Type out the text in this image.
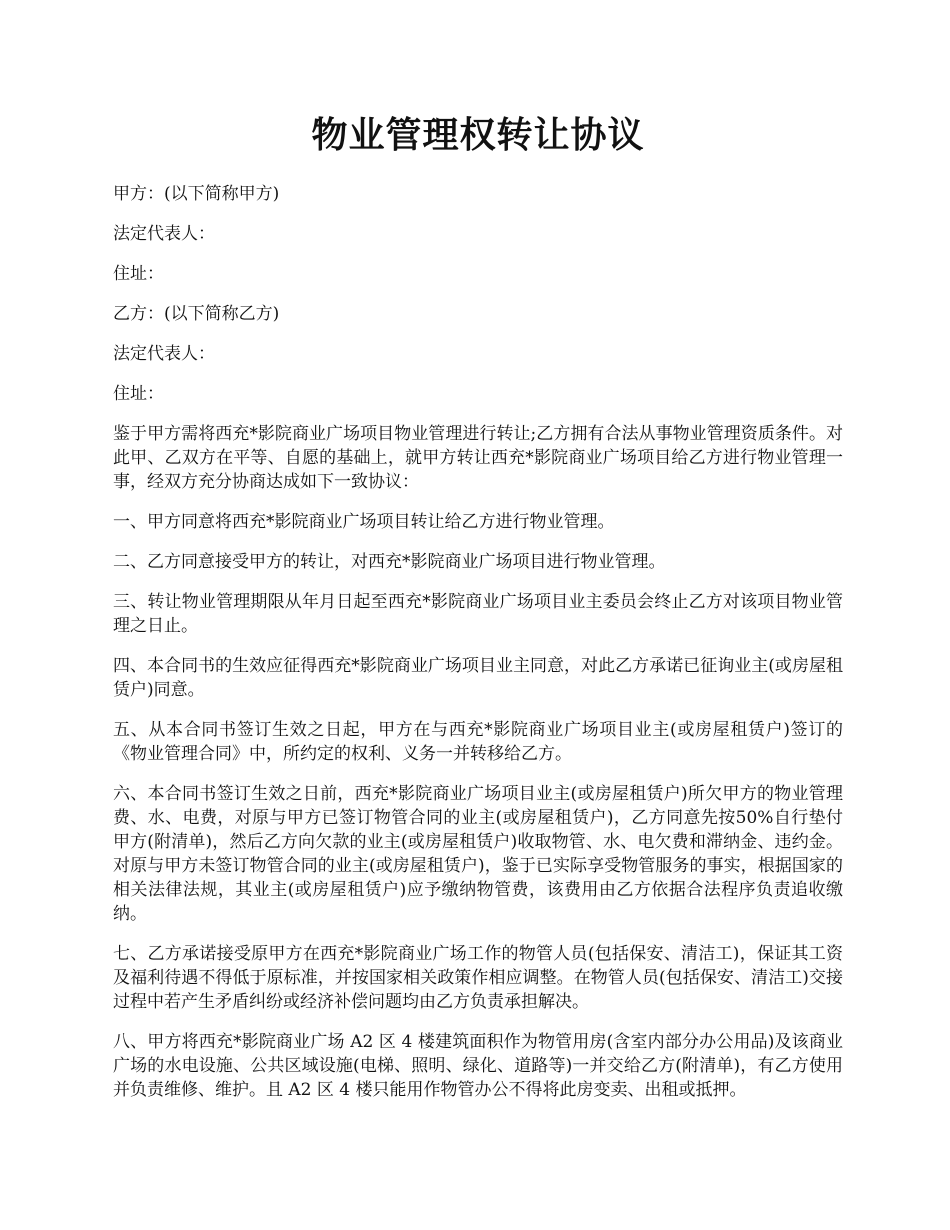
物业管理权转让协议

甲方：(以下简称甲方)

法定代表人：

住址：

乙方：(以下简称乙方)

法定代表人：

住址：

鉴于甲方需将西充*影院商业广场项目物业管理进行转让;乙方拥有合法从事物业管理资质条件。对此甲、乙双方在平等、自愿的基础上，就甲方转让西充*影院商业广场项目给乙方进行物业管理一事，经双方充分协商达成如下一致协议：

一、甲方同意将西充*影院商业广场项目转让给乙方进行物业管理。

二、乙方同意接受甲方的转让，对西充*影院商业广场项目进行物业管理。

三、转让物业管理期限从年月日起至西充*影院商业广场项目业主委员会终止乙方对该项目物业管理之日止。

四、本合同书的生效应征得西充*影院商业广场项目业主同意，对此乙方承诺已征询业主(或房屋租赁户)同意。

五、从本合同书签订生效之日起，甲方在与西充*影院商业广场项目业主(或房屋租赁户)签订的《物业管理合同》中，所约定的权利、义务一并转移给乙方。

六、本合同书签订生效之日前，西充*影院商业广场项目业主(或房屋租赁户)所欠甲方的物业管理费、水、电费，对原与甲方已签订物管合同的业主(或房屋租赁户)，乙方同意先按50%自行垫付甲方(附清单)，然后乙方向欠款的业主(或房屋租赁户)收取物管、水、电欠费和滞纳金、违约金。对原与甲方未签订物管合同的业主(或房屋租赁户)，鉴于已实际享受物管服务的事实，根据国家的相关法律法规，其业主(或房屋租赁户)应予缴纳物管费，该费用由乙方依据合法程序负责追收缴纳。

七、乙方承诺接受原甲方在西充*影院商业广场工作的物管人员(包括保安、清洁工)，保证其工资及福利待遇不得低于原标准，并按国家相关政策作相应调整。在物管人员(包括保安、清洁工)交接过程中若产生矛盾纠纷或经济补偿问题均由乙方负责承担解决。

八、甲方将西充*影院商业广场 A2 区 4 楼建筑面积作为物管用房(含室内部分办公用品)及该商业广场的水电设施、公共区域设施(电梯、照明、绿化、道路等)一并交给乙方(附清单)，有乙方使用并负责维修、维护。且 A2 区 4 楼只能用作物管办公不得将此房变卖、出租或抵押。
